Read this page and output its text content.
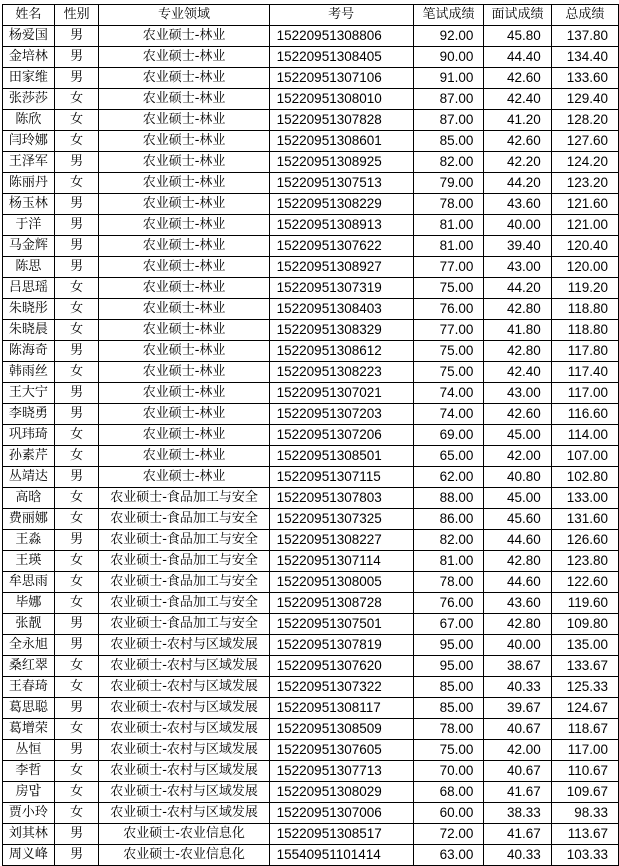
姓名	性别	专业领域	考号	笔试成绩	面试成绩	总成绩
杨爱国	男	农业硕士-林业	15220951308806	92.00	45.80	137.80
金培林	男	农业硕士-林业	15220951308405	90.00	44.40	134.40
田家维	男	农业硕士-林业	15220951307106	91.00	42.60	133.60
张莎莎	女	农业硕士-林业	15220951308010	87.00	42.40	129.40
陈欣	女	农业硕士-林业	15220951307828	87.00	41.20	128.20
闫玲娜	女	农业硕士-林业	15220951308601	85.00	42.60	127.60
王泽军	男	农业硕士-林业	15220951308925	82.00	42.20	124.20
陈丽丹	女	农业硕士-林业	15220951307513	79.00	44.20	123.20
杨玉林	男	农业硕士-林业	15220951308229	78.00	43.60	121.60
于洋	男	农业硕士-林业	15220951308913	81.00	40.00	121.00
马金辉	男	农业硕士-林业	15220951307622	81.00	39.40	120.40
陈思	男	农业硕士-林业	15220951308927	77.00	43.00	120.00
吕思瑶	女	农业硕士-林业	15220951307319	75.00	44.20	119.20
朱晓彤	女	农业硕士-林业	15220951308403	76.00	42.80	118.80
朱晓晨	女	农业硕士-林业	15220951308329	77.00	41.80	118.80
陈海奇	男	农业硕士-林业	15220951308612	75.00	42.80	117.80
韩雨丝	女	农业硕士-林业	15220951308223	75.00	42.40	117.40
王大宁	男	农业硕士-林业	15220951307021	74.00	43.00	117.00
李晓勇	男	农业硕士-林业	15220951307203	74.00	42.60	116.60
巩玮琦	女	农业硕士-林业	15220951307206	69.00	45.00	114.00
孙素芹	女	农业硕士-林业	15220951308501	65.00	42.00	107.00
丛靖达	男	农业硕士-林业	15220951307115	62.00	40.80	102.80
高晗	女	农业硕士-食品加工与安全	15220951307803	88.00	45.00	133.00
费丽娜	女	农业硕士-食品加工与安全	15220951307325	86.00	45.60	131.60
王淼	男	农业硕士-食品加工与安全	15220951308227	82.00	44.60	126.60
王瑛	女	农业硕士-食品加工与安全	15220951307114	81.00	42.80	123.80
牟思雨	女	农业硕士-食品加工与安全	15220951308005	78.00	44.60	122.60
毕娜	女	农业硕士-食品加工与安全	15220951308728	76.00	43.60	119.60
张靓	男	农业硕士-食品加工与安全	15220951307501	67.00	42.80	109.80
全永旭	男	农业硕士-农村与区域发展	15220951307819	95.00	40.00	135.00
桑红翠	女	农业硕士-农村与区域发展	15220951307620	95.00	38.67	133.67
王春琦	女	农业硕士-农村与区域发展	15220951307322	85.00	40.33	125.33
葛思聪	男	农业硕士-农村与区域发展	15220951308117	85.00	39.67	124.67
葛增荣	女	农业硕士-农村与区域发展	15220951308509	78.00	40.67	118.67
丛恒	男	农业硕士-农村与区域发展	15220951307605	75.00	42.00	117.00
李哲	女	农业硕士-农村与区域发展	15220951307713	70.00	40.67	110.67
房맙	女	农业硕士-农村与区域发展	15220951308029	68.00	41.67	109.67
贾小玲	女	农业硕士-农村与区域发展	15220951307006	60.00	38.33	98.33
刘其林	男	农业硕士-农业信息化	15220951308517	72.00	41.67	113.67
周义峰	男	农业硕士-农业信息化	15540951101414	63.00	40.33	103.33
